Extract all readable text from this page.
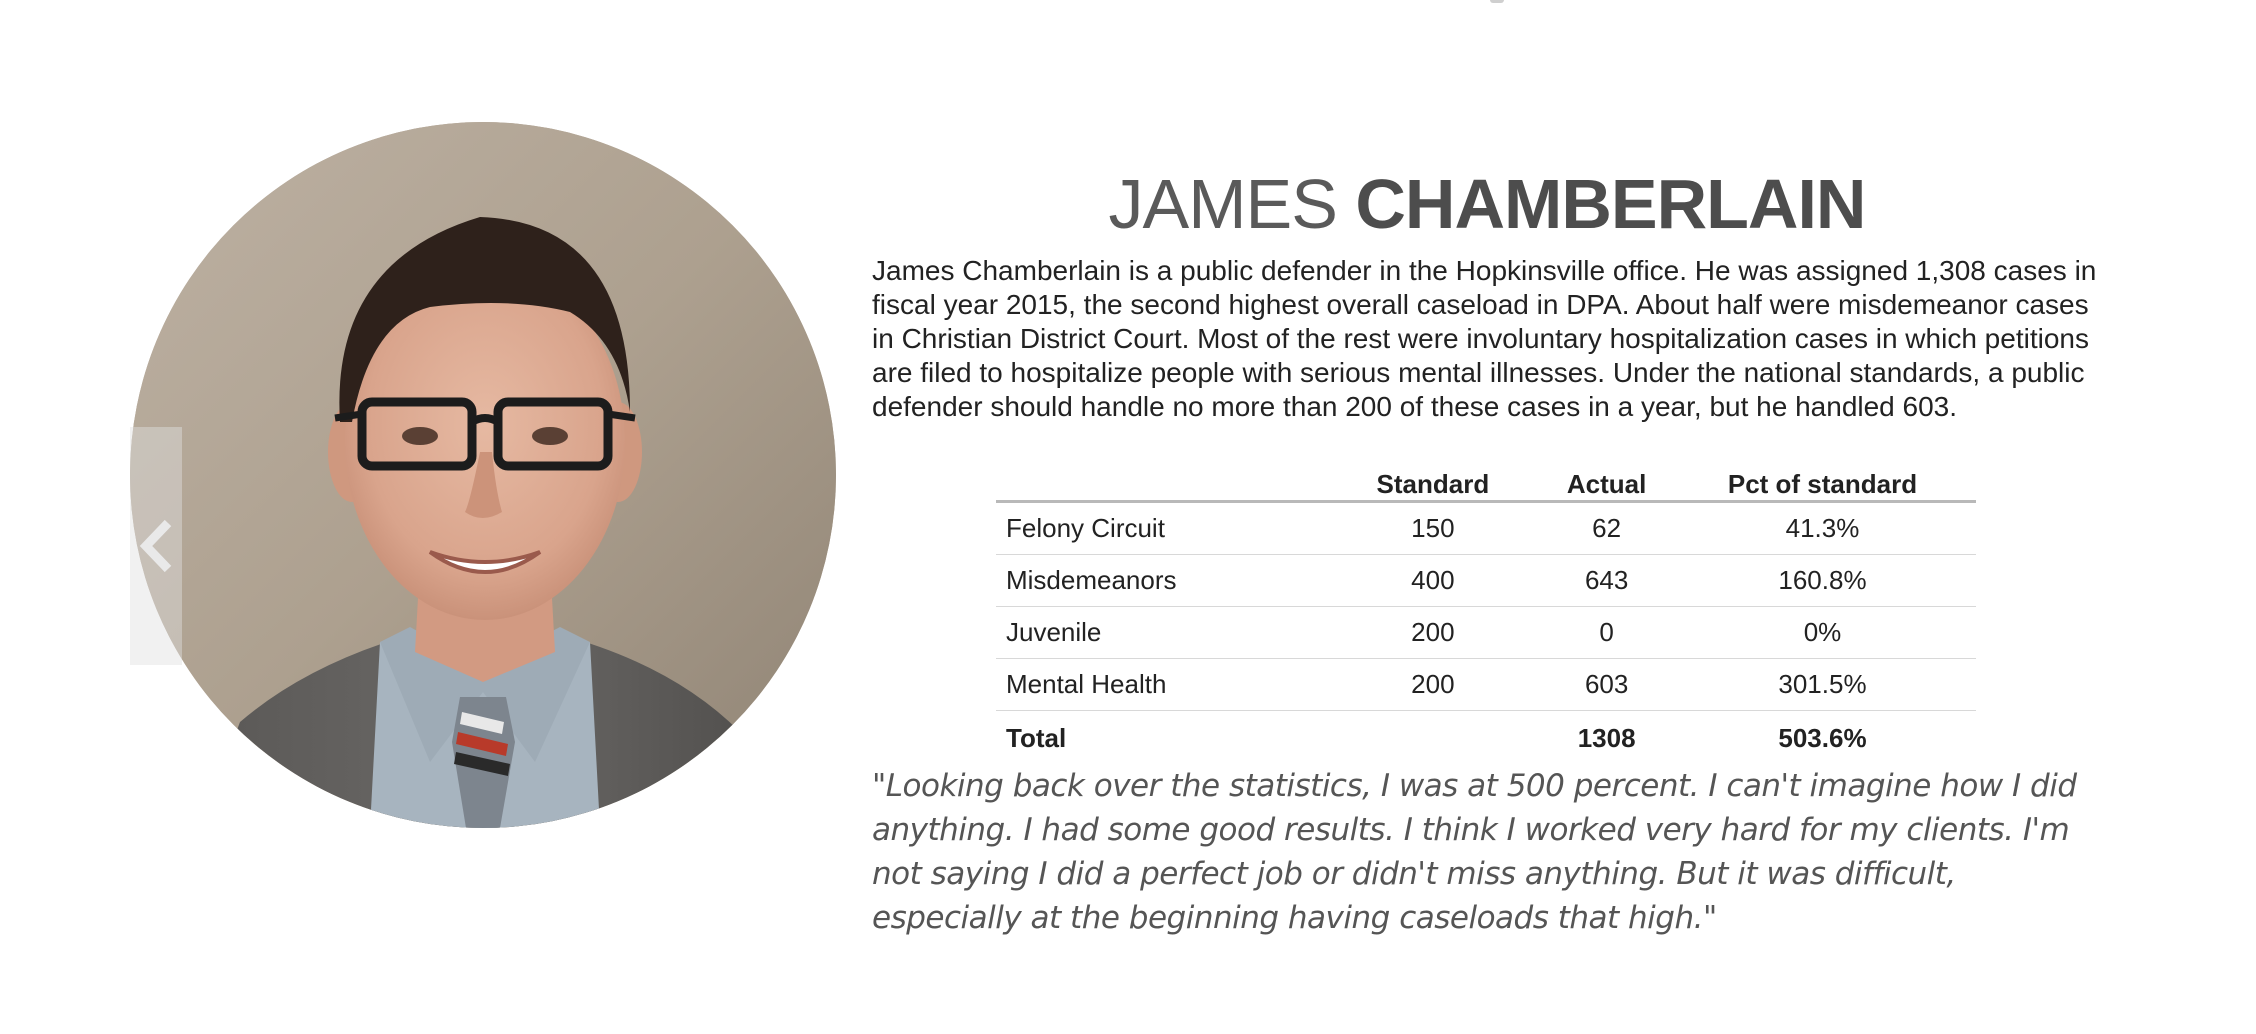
JAMES CHAMBERLAIN

James Chamberlain is a public defender in the Hopkinsville office. He was assigned 1,308 cases in fiscal year 2015, the second highest overall caseload in DPA. About half were misdemeanor cases in Christian District Court. Most of the rest were involuntary hospitalization cases in which petitions are filed to hospitalize people with serious mental illnesses. Under the national standards, a public defender should handle no more than 200 of these cases in a year, but he handled 603.

	Standard	Actual	Pct of standard
Felony Circuit	150	62	41.3%
Misdemeanors	400	643	160.8%
Juvenile	200	0	0%
Mental Health	200	603	301.5%
Total		1308	503.6%

"Looking back over the statistics, I was at 500 percent. I can't imagine how I did anything. I had some good results. I think I worked very hard for my clients. I'm not saying I did a perfect job or didn't miss anything. But it was difficult, especially at the beginning having caseloads that high."
